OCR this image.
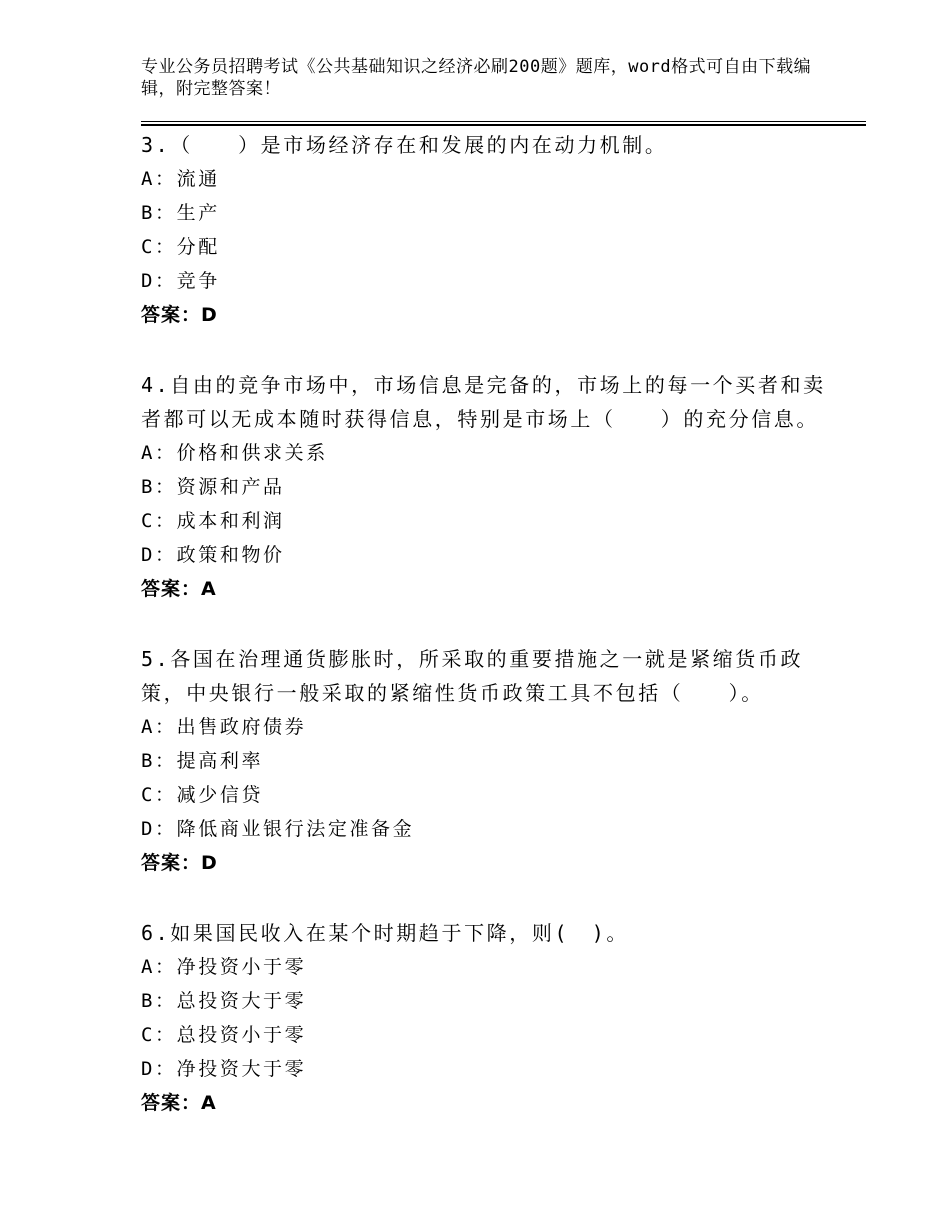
专业公务员招聘考试《公共基础知识之经济必刷200题》题库，word格式可自由下载编辑，附完整答案！

3.（　　）是市场经济存在和发展的内在动力机制。

A：流通

B：生产

C：分配

D：竞争

答案：D

4.自由的竞争市场中，市场信息是完备的，市场上的每一个买者和卖者都可以无成本随时获得信息，特别是市场上（　　）的充分信息。

A：价格和供求关系

B：资源和产品

C：成本和利润

D：政策和物价

答案：A

5.各国在治理通货膨胀时，所采取的重要措施之一就是紧缩货币政策，中央银行一般采取的紧缩性货币政策工具不包括（　　）。

A：出售政府债券

B：提高利率

C：减少信贷

D：降低商业银行法定准备金

答案：D

6.如果国民收入在某个时期趋于下降，则(　)。

A：净投资小于零

B：总投资大于零

C：总投资小于零

D：净投资大于零

答案：A
